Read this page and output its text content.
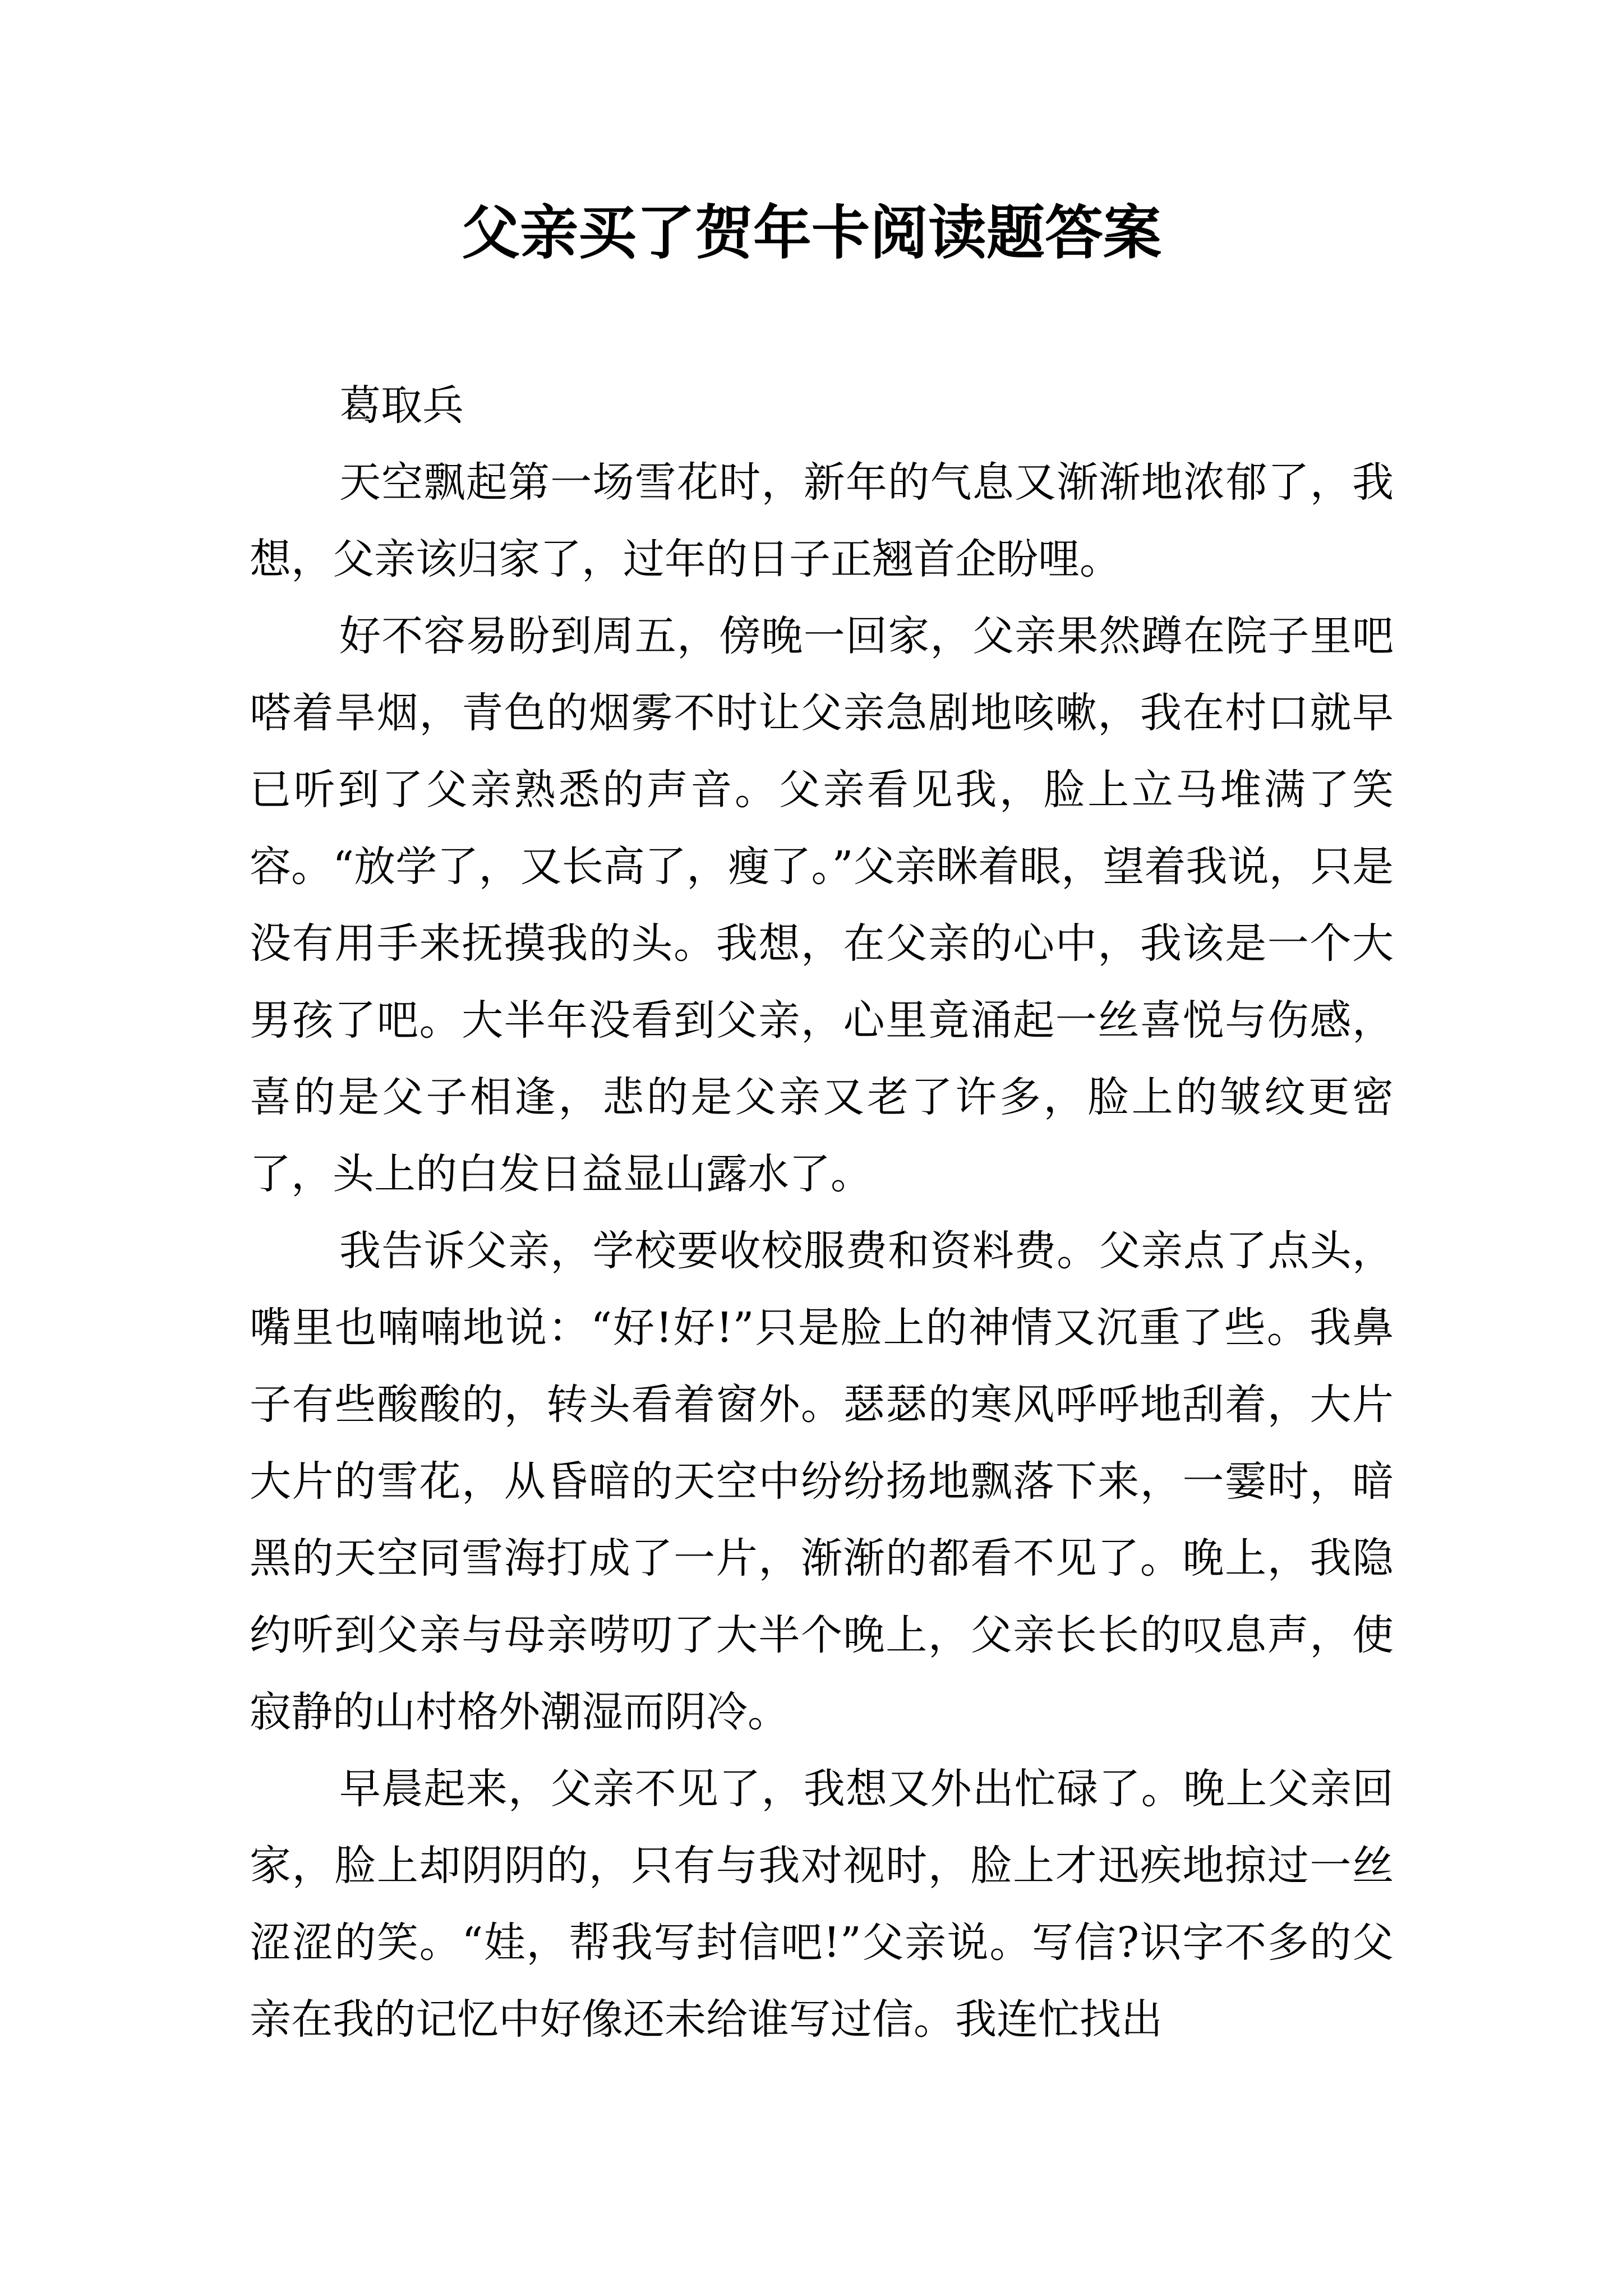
父亲买了贺年卡阅读题答案

葛取兵

天空飘起第一场雪花时，新年的气息又渐渐地浓郁了，我想，父亲该归家了，过年的日子正翘首企盼哩。

好不容易盼到周五，傍晚一回家，父亲果然蹲在院子里吧嗒着旱烟，青色的烟雾不时让父亲急剧地咳嗽，我在村口就早已听到了父亲熟悉的声音。父亲看见我，脸上立马堆满了笑容。“放学了，又长高了，瘦了。”父亲眯着眼，望着我说，只是没有用手来抚摸我的头。我想，在父亲的心中，我该是一个大男孩了吧。大半年没看到父亲，心里竟涌起一丝喜悦与伤感，喜的是父子相逢，悲的是父亲又老了许多，脸上的皱纹更密了，头上的白发日益显山露水了。

我告诉父亲，学校要收校服费和资料费。父亲点了点头，嘴里也喃喃地说：“好!好!”只是脸上的神情又沉重了些。我鼻子有些酸酸的，转头看着窗外。瑟瑟的寒风呼呼地刮着，大片大片的雪花，从昏暗的天空中纷纷扬地飘落下来，一霎时，暗黑的天空同雪海打成了一片，渐渐的都看不见了。晚上，我隐约听到父亲与母亲唠叨了大半个晚上，父亲长长的叹息声，使寂静的山村格外潮湿而阴冷。

早晨起来，父亲不见了，我想又外出忙碌了。晚上父亲回家，脸上却阴阴的，只有与我对视时，脸上才迅疾地掠过一丝涩涩的笑。“娃，帮我写封信吧!”父亲说。写信?识字不多的父亲在我的记忆中好像还未给谁写过信。我连忙找出
